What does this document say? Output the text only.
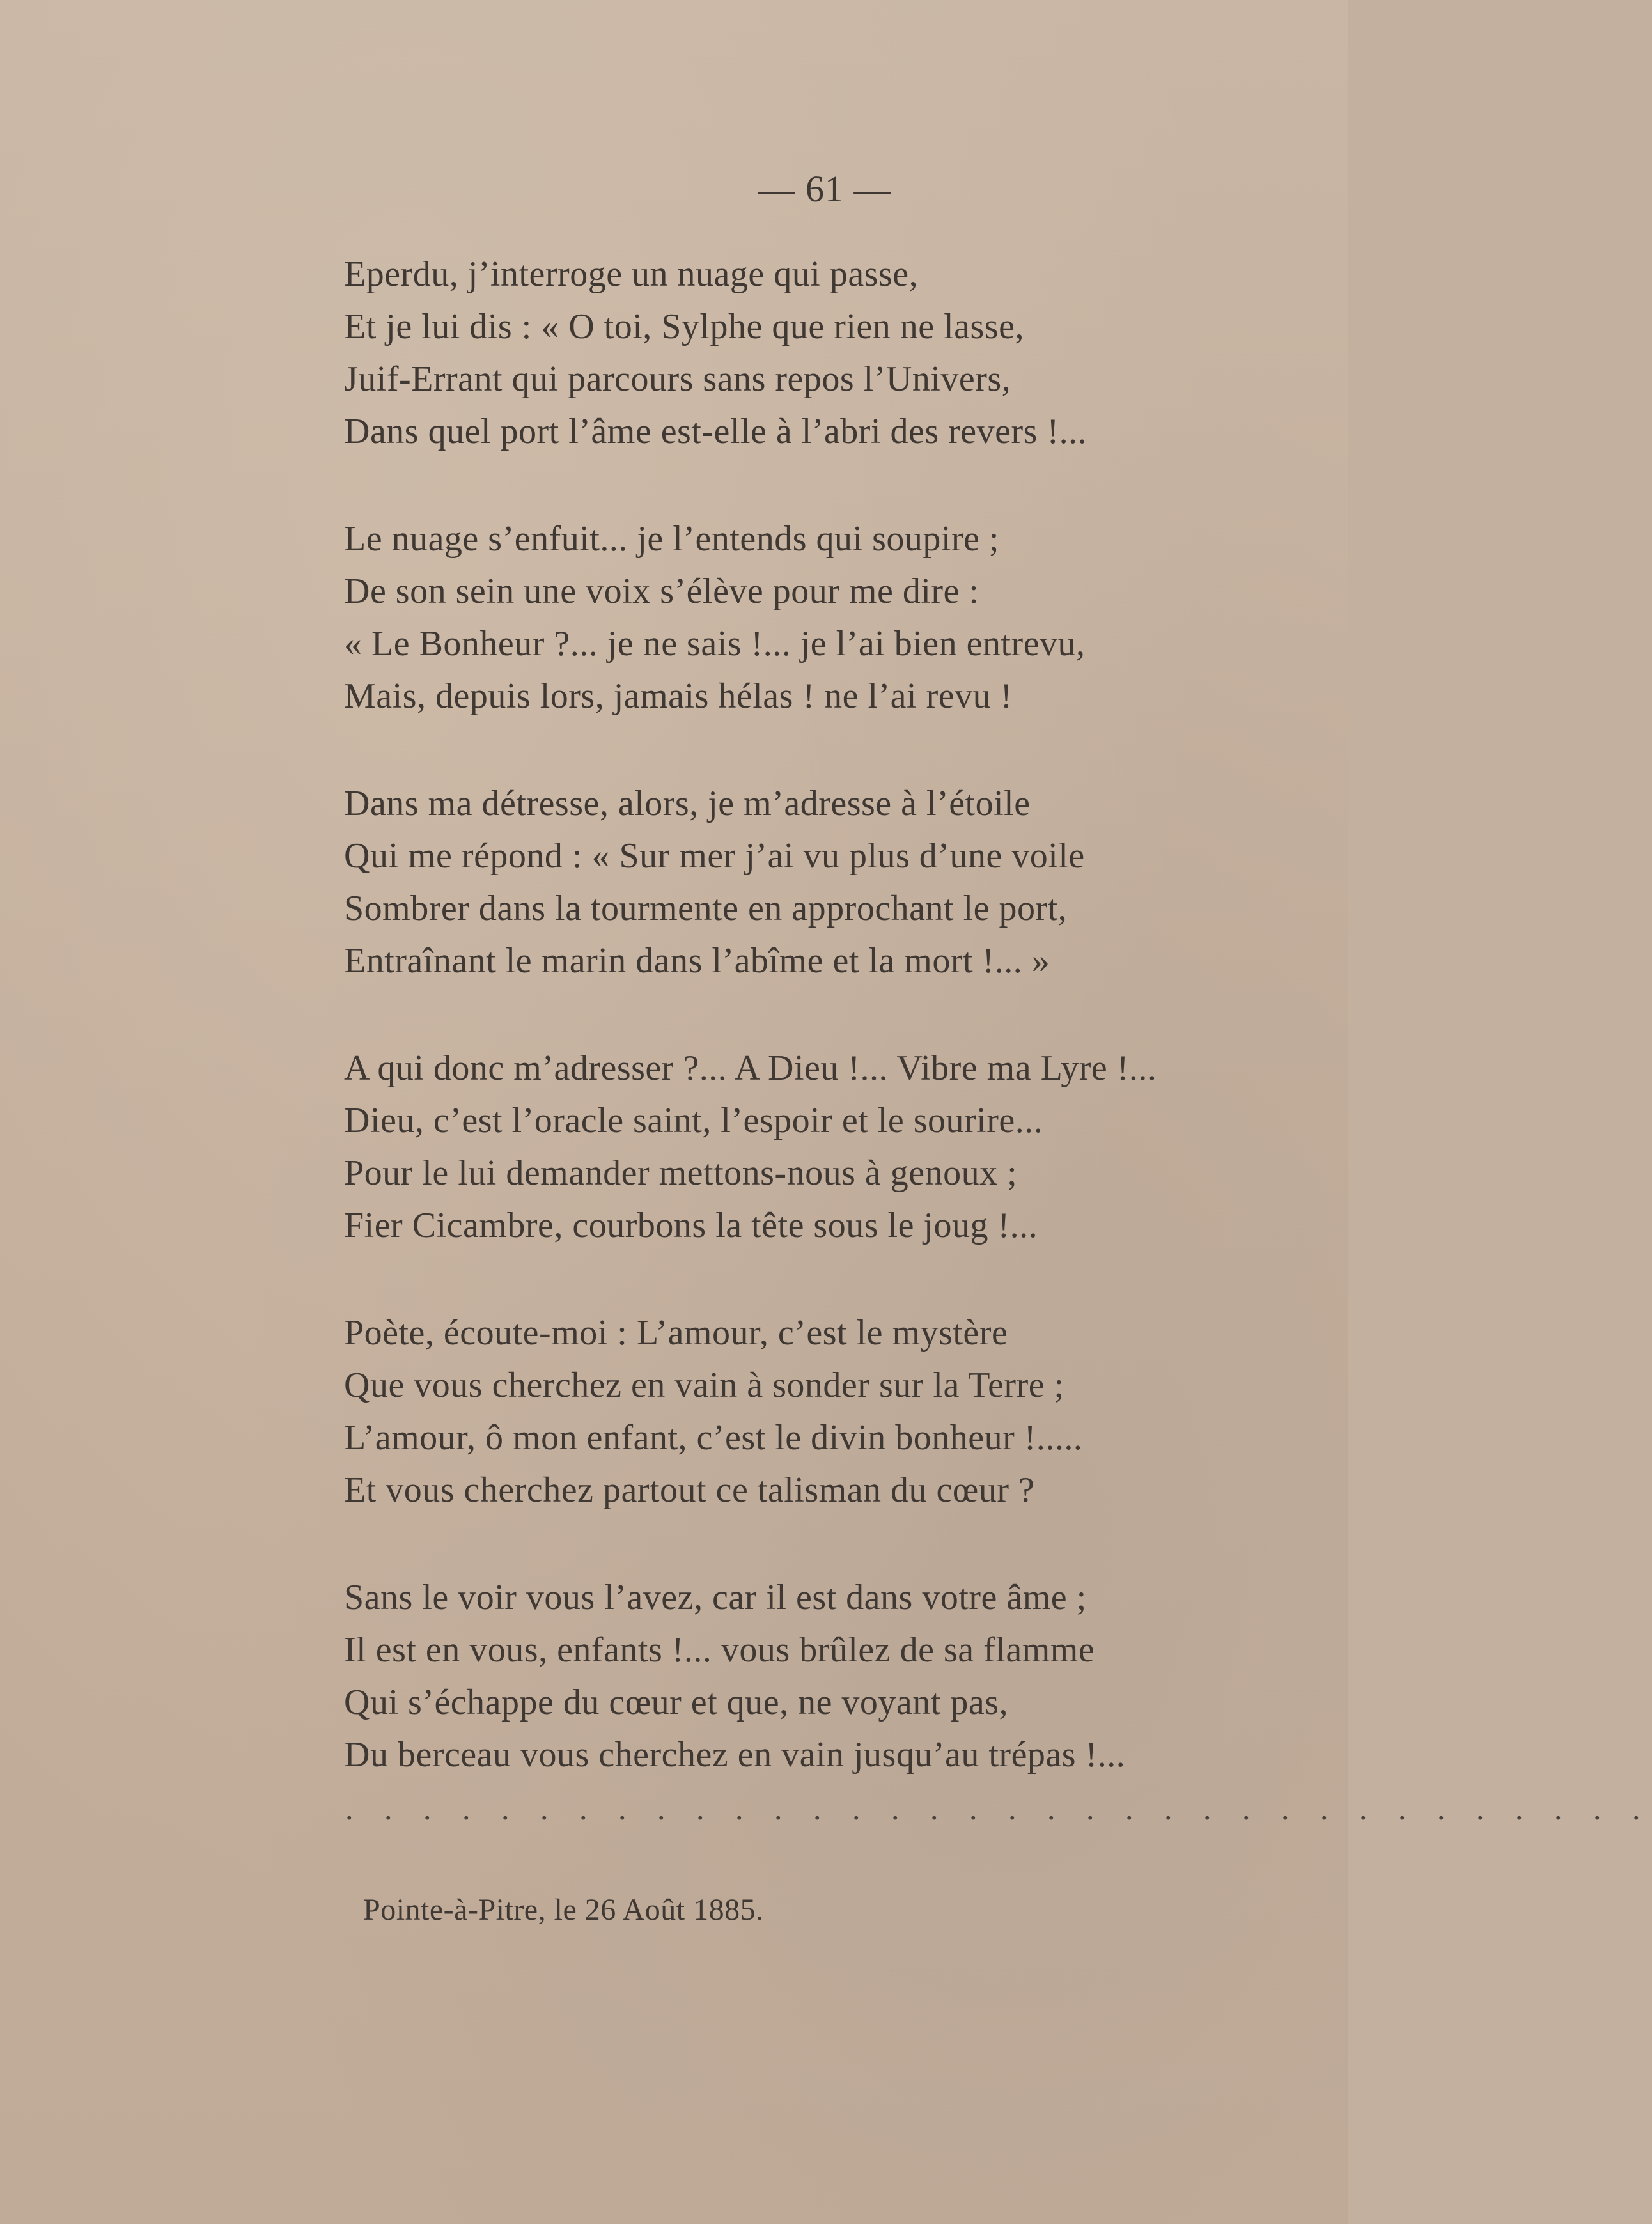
— 61 —
Eperdu, j’interroge un nuage qui passe,
Et je lui dis : « O toi, Sylphe que rien ne lasse,
Juif-Errant qui parcours sans repos l’Univers,
Dans quel port l’âme est-elle à l’abri des revers !...
Le nuage s’enfuit... je l’entends qui soupire ;
De son sein une voix s’élève pour me dire :
« Le Bonheur ?... je ne sais !... je l’ai bien entrevu,
Mais, depuis lors, jamais hélas ! ne l’ai revu !
Dans ma détresse, alors, je m’adresse à l’étoile
Qui me répond : « Sur mer j’ai vu plus d’une voile
Sombrer dans la tourmente en approchant le port,
Entraînant le marin dans l’abîme et la mort !... »
A qui donc m’adresser ?... A Dieu !... Vibre ma Lyre !...
Dieu, c’est l’oracle saint, l’espoir et le sourire...
Pour le lui demander mettons-nous à genoux ;
Fier Cicambre, courbons la tête sous le joug !...
Poète, écoute-moi : L’amour, c’est le mystère
Que vous cherchez en vain à sonder sur la Terre ;
L’amour, ô mon enfant, c’est le divin bonheur !.....
Et vous cherchez partout ce talisman du cœur ?
Sans le voir vous l’avez, car il est dans votre âme ;
Il est en vous, enfants !... vous brûlez de sa flamme
Qui s’échappe du cœur et que, ne voyant pas,
Du berceau vous cherchez en vain jusqu’au trépas !...
. . . . . . . . . . . . . . . . . . . . . . . . . . . . . . . . . .
Pointe-à-Pitre, le 26 Août 1885.
